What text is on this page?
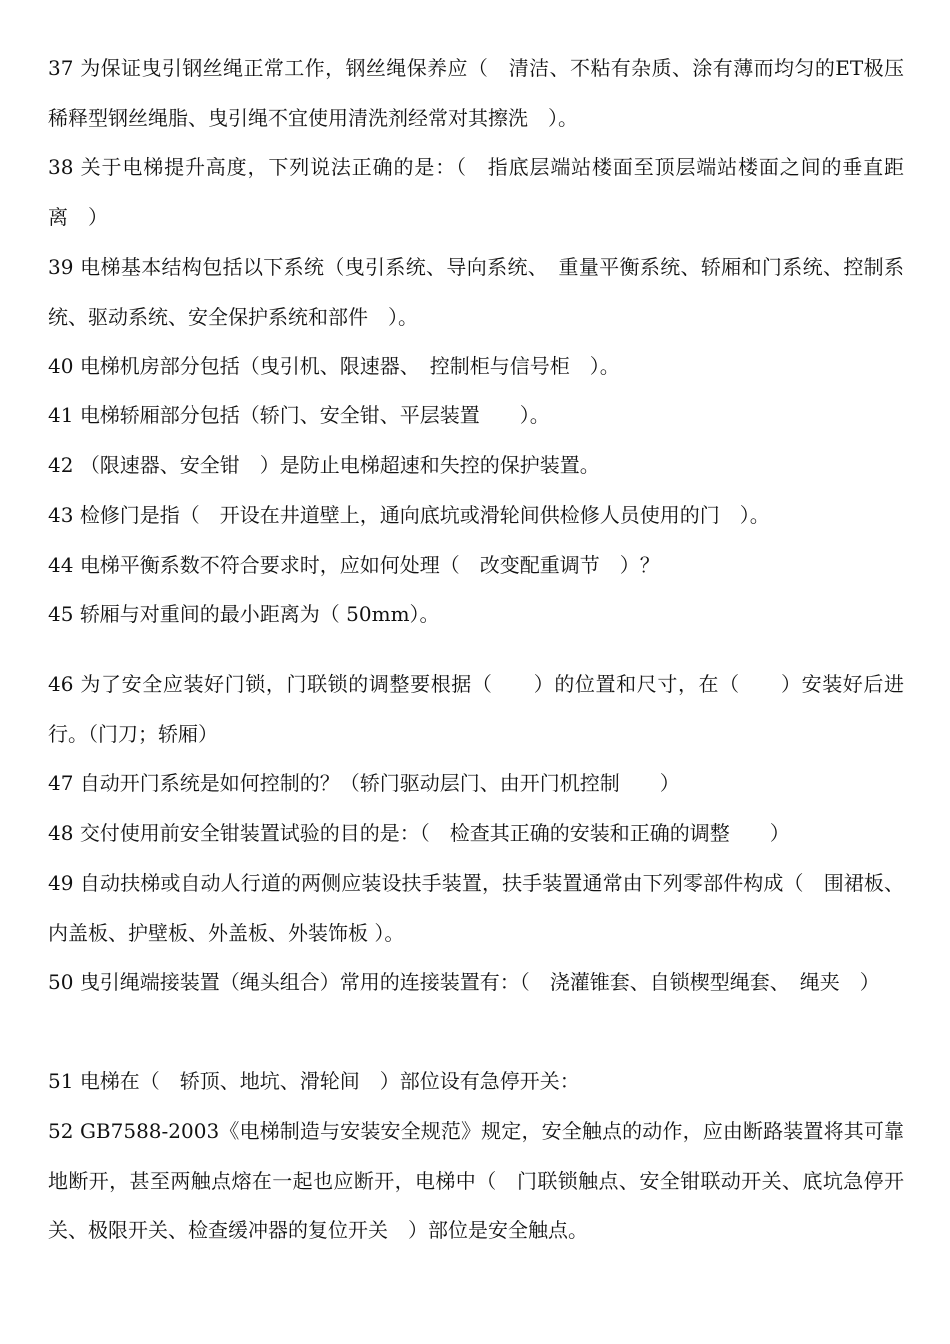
37 为保证曳引钢丝绳正常工作，钢丝绳保养应（　清洁、不粘有杂质、涂有薄而均匀的ET极压稀释型钢丝绳脂、曳引绳不宜使用清洗剂经常对其擦洗　）。

38 关于电梯提升高度，下列说法正确的是：（　指底层端站楼面至顶层端站楼面之间的垂直距离　）

39 电梯基本结构包括以下系统（曳引系统、导向系统、　重量平衡系统、轿厢和门系统、控制系统、驱动系统、安全保护系统和部件　）。

40 电梯机房部分包括（曳引机、限速器、　控制柜与信号柜　）。

41 电梯轿厢部分包括（轿门、安全钳、平层装置　　）。

42 （限速器、安全钳　）是防止电梯超速和失控的保护装置。

43 检修门是指（　开设在井道壁上，通向底坑或滑轮间供检修人员使用的门　）。

44 电梯平衡系数不符合要求时，应如何处理（　改变配重调节　）？

45 轿厢与对重间的最小距离为（ 50mm）。

46 为了安全应装好门锁，门联锁的调整要根据（　　）的位置和尺寸，在（　　）安装好后进行。（门刀；轿厢）

47 自动开门系统是如何控制的？（轿门驱动层门、由开门机控制　　）

48 交付使用前安全钳装置试验的目的是：（　检查其正确的安装和正确的调整　　）

49 自动扶梯或自动人行道的两侧应装设扶手装置，扶手装置通常由下列零部件构成（　围裙板、内盖板、护壁板、外盖板、外装饰板 ）。

50 曳引绳端接装置（绳头组合）常用的连接装置有：（　浇灌锥套、自锁楔型绳套、　绳夹　）

51 电梯在（　轿顶、地坑、滑轮间　）部位设有急停开关：

52 GB7588-2003《电梯制造与安装安全规范》规定，安全触点的动作，应由断路装置将其可靠地断开，甚至两触点熔在一起也应断开，电梯中（　门联锁触点、安全钳联动开关、底坑急停开关、极限开关、检查缓冲器的复位开关　）部位是安全触点。
